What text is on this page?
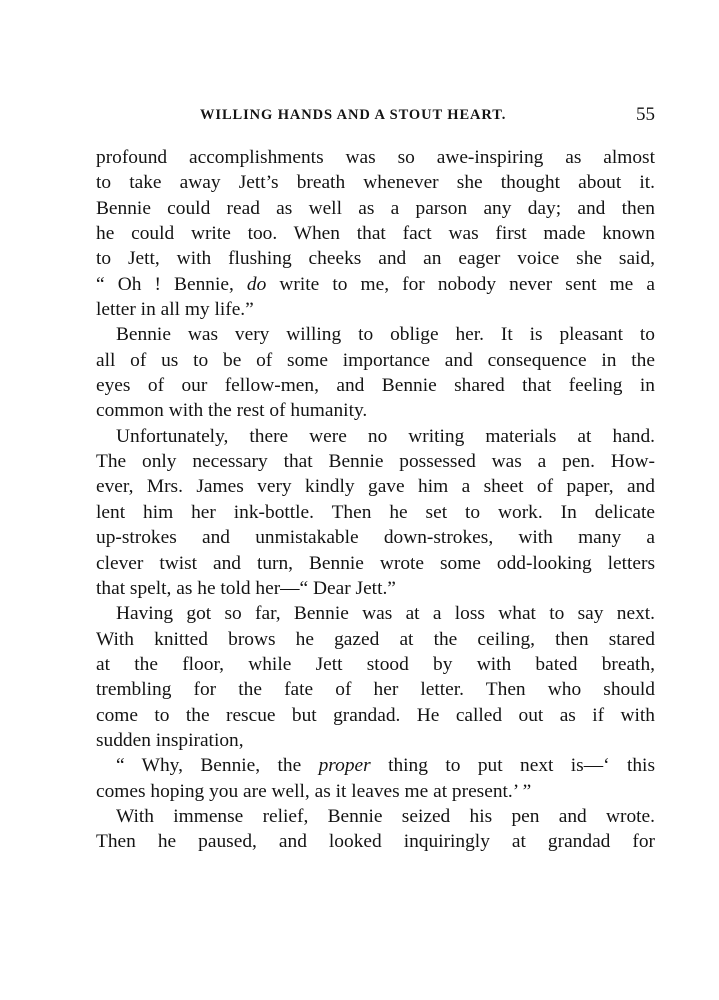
WILLING HANDS AND A STOUT HEART.	55
profound accomplishments was so awe-inspiring as almost
to take away Jett’s breath whenever she thought about it.
Bennie could read as well as a parson any day; and then
he could write too. When that fact was first made known
to Jett, with flushing cheeks and an eager voice she said,
“ Oh ! Bennie, do write to me, for nobody never sent me a
letter in all my life.”
Bennie was very willing to oblige her. It is pleasant to
all of us to be of some importance and consequence in the
eyes of our fellow-men, and Bennie shared that feeling in
common with the rest of humanity.
Unfortunately, there were no writing materials at hand.
The only necessary that Bennie possessed was a pen. How-
ever, Mrs. James very kindly gave him a sheet of paper, and
lent him her ink-bottle. Then he set to work. In delicate
up-strokes and unmistakable down-strokes, with many a
clever twist and turn, Bennie wrote some odd-looking letters
that spelt, as he told her—“ Dear Jett.”
Having got so far, Bennie was at a loss what to say next.
With knitted brows he gazed at the ceiling, then stared
at the floor, while Jett stood by with bated breath,
trembling for the fate of her letter. Then who should
come to the rescue but grandad. He called out as if with
sudden inspiration,
“ Why, Bennie, the proper thing to put next is—‘ this
comes hoping you are well, as it leaves me at present.’ ”
With immense relief, Bennie seized his pen and wrote.
Then he paused, and looked inquiringly at grandad for
